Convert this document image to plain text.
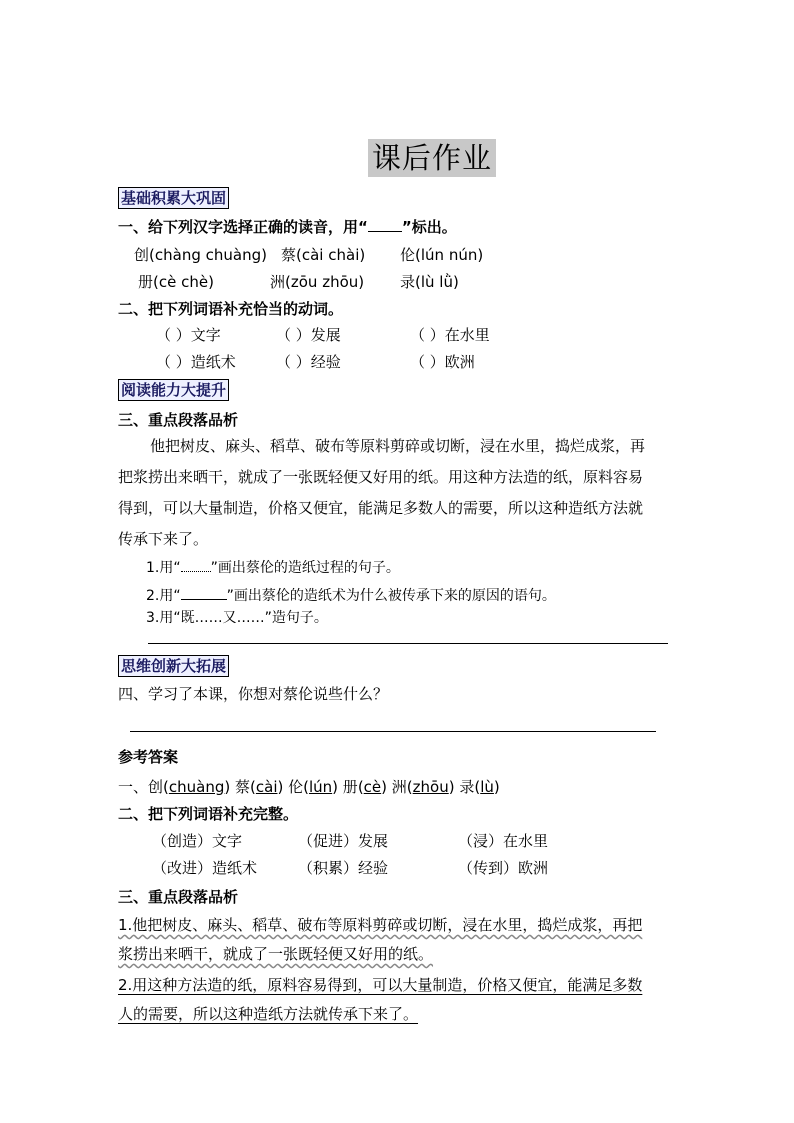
课后作业
基础积累大巩固
一、给下列汉字选择正确的读音，用“ ”标出。
创(chàng chuàng) 蔡(cài chài) 伦(lún nún)
册(cè chè)	洲(zōu zhōu) 录(lù lǜ)
二、把下列词语补充恰当的动词。
（ ）文字	（ ）发展	（ ）在水里
（ ）造纸术	（ ）经验	（ ）欧洲
阅读能力大提升
三、重点段落品析
他把树皮、麻头、稻草、破布等原料剪碎或切断，浸在水里，捣烂成浆，再
把浆捞出来晒干，就成了一张既轻便又好用的纸。用这种方法造的纸，原料容易
得到，可以大量制造，价格又便宜，能满足多数人的需要，所以这种造纸方法就
传承下来了。
1.用“ ”画出蔡伦的造纸过程的句子。
2.用“	”画出蔡伦的造纸术为什么被传承下来的原因的语句。
3.用“既……又……”造句子。
思维创新大拓展
四、学习了本课，你想对蔡伦说些什么？
参考答案
一、创(chuàng) 蔡(cài) 伦(lún) 册(cè) 洲(zhōu) 录(lù)
二、把下列词语补充完整。
（创造）文字	（促进）发展	（浸）在水里
（改进）造纸术	（积累）经验	（传到）欧洲
三、重点段落品析
1.他把树皮、麻头、稻草、破布等原料剪碎或切断，浸在水里，捣烂成浆，再把
浆捞出来晒干，就成了一张既轻便又好用的纸。
2.用这种方法造的纸，原料容易得到，可以大量制造，价格又便宜，能满足多数
人的需要，所以这种造纸方法就传承下来了。
